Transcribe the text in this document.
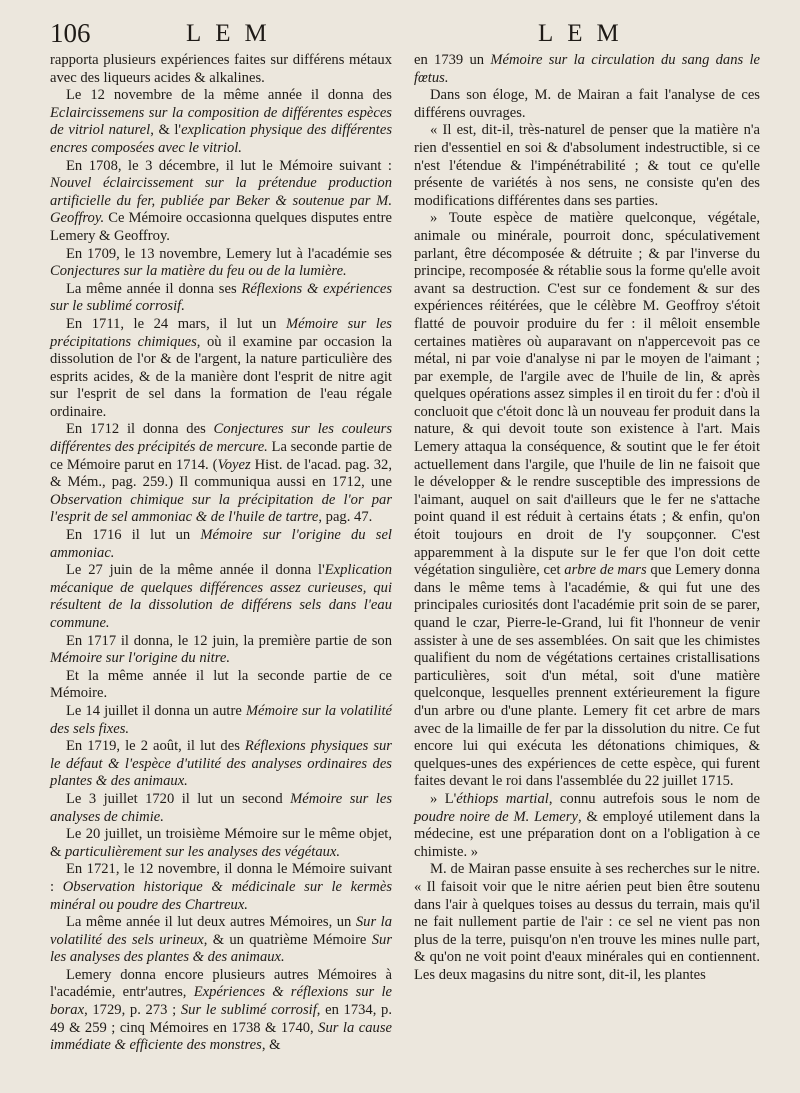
106	LEM	LEM

rapporta plusieurs expériences faites sur différens métaux avec des liqueurs acides & alkalines.

Le 12 novembre de la même année il donna des Eclaircissemens sur la composition de différentes espèces de vitriol naturel, & l'explication physique des différentes encres composées avec le vitriol.

En 1708, le 3 décembre, il lut le Mémoire suivant : Nouvel éclaircissement sur la prétendue production artificielle du fer, publiée par Beker & soutenue par M. Geoffroy. Ce Mémoire occasionna quelques disputes entre Lemery & Geoffroy.

En 1709, le 13 novembre, Lemery lut à l'académie ses Conjectures sur la matière du feu ou de la lumière.

La même année il donna ses Réflexions & expériences sur le sublimé corrosif.

En 1711, le 24 mars, il lut un Mémoire sur les précipitations chimiques, où il examine par occasion la dissolution de l'or & de l'argent, la nature particulière des esprits acides, & de la manière dont l'esprit de nitre agit sur l'esprit de sel dans la formation de l'eau régale ordinaire.

En 1712 il donna des Conjectures sur les couleurs différentes des précipités de mercure. La seconde partie de ce Mémoire parut en 1714. (Voyez Hist. de l'acad. pag. 32, & Mém., pag. 259.) Il communiqua aussi en 1712, une Observation chimique sur la précipitation de l'or par l'esprit de sel ammoniac & de l'huile de tartre, pag. 47.

En 1716 il lut un Mémoire sur l'origine du sel ammoniac.

Le 27 juin de la même année il donna l'Explication mécanique de quelques différences assez curieuses, qui résultent de la dissolution de différens sels dans l'eau commune.

En 1717 il donna, le 12 juin, la première partie de son Mémoire sur l'origine du nitre.

Et la même année il lut la seconde partie de ce Mémoire.

Le 14 juillet il donna un autre Mémoire sur la volatilité des sels fixes.

En 1719, le 2 août, il lut des Réflexions physiques sur le défaut & l'espèce d'utilité des analyses ordinaires des plantes & des animaux.

Le 3 juillet 1720 il lut un second Mémoire sur les analyses de chimie.

Le 20 juillet, un troisième Mémoire sur le même objet, & particulièrement sur les analyses des végétaux.

En 1721, le 12 novembre, il donna le Mémoire suivant : Observation historique & médicinale sur le kermès minéral ou poudre des Chartreux.

La même année il lut deux autres Mémoires, un Sur la volatilité des sels urineux, & un quatrième Mémoire Sur les analyses des plantes & des animaux.

Lemery donna encore plusieurs autres Mémoires à l'académie, entr'autres, Expériences & réflexions sur le borax, 1729, p. 273 ; Sur le sublimé corrosif, en 1734, p. 49 & 259 ; cinq Mémoires en 1738 & 1740, Sur la cause immédiate & efficiente des monstres, &

en 1739 un Mémoire sur la circulation du sang dans le fœtus.

Dans son éloge, M. de Mairan a fait l'analyse de ces différens ouvrages.

« Il est, dit-il, très-naturel de penser que la matière n'a rien d'essentiel en soi & d'absolument indestructible, si ce n'est l'étendue & l'impénétrabilité ; & tout ce qu'elle présente de variétés à nos sens, ne consiste qu'en des modifications différentes dans ses parties.

» Toute espèce de matière quelconque, végétale, animale ou minérale, pourroit donc, spéculativement parlant, être décomposée & détruite ; & par l'inverse du principe, recomposée & rétablie sous la forme qu'elle avoit avant sa destruction. C'est sur ce fondement & sur des expériences réitérées, que le célèbre M. Geoffroy s'étoit flatté de pouvoir produire du fer : il mêloit ensemble certaines matières où auparavant on n'appercevoit pas ce métal, ni par voie d'analyse ni par le moyen de l'aimant ; par exemple, de l'argile avec de l'huile de lin, & après quelques opérations assez simples il en tiroit du fer : d'où il concluoit que c'étoit donc là un nouveau fer produit dans la nature, & qui devoit toute son existence à l'art. Mais Lemery attaqua la conséquence, & soutint que le fer étoit actuellement dans l'argile, que l'huile de lin ne faisoit que le développer & le rendre susceptible des impressions de l'aimant, auquel on sait d'ailleurs que le fer ne s'attache point quand il est réduit à certains états ; & enfin, qu'on étoit toujours en droit de l'y soupçonner. C'est apparemment à la dispute sur le fer que l'on doit cette végétation singulière, cet arbre de mars que Lemery donna dans le même tems à l'académie, & qui fut une des principales curiosités dont l'académie prit soin de se parer, quand le czar, Pierre-le-Grand, lui fit l'honneur de venir assister à une de ses assemblées. On sait que les chimistes qualifient du nom de végétations certaines cristallisations particulières, soit d'un métal, soit d'une matière quelconque, lesquelles prennent extérieurement la figure d'un arbre ou d'une plante. Lemery fit cet arbre de mars avec de la limaille de fer par la dissolution du nitre. Ce fut encore lui qui exécuta les détonations chimiques, & quelques-unes des expériences de cette espèce, qui furent faites devant le roi dans l'assemblée du 22 juillet 1715.

» L'éthiops martial, connu autrefois sous le nom de poudre noire de M. Lemery, & employé utilement dans la médecine, est une préparation dont on a l'obligation à ce chimiste. »

M. de Mairan passe ensuite à ses recherches sur le nitre. « Il faisoit voir que le nitre aérien peut bien être soutenu dans l'air à quelques toises au dessus du terrain, mais qu'il ne fait nullement partie de l'air : ce sel ne vient pas non plus de la terre, puisqu'on n'en trouve les mines nulle part, & qu'on ne voit point d'eaux minérales qui en contiennent. Les deux magasins du nitre sont, dit-il, les plantes
